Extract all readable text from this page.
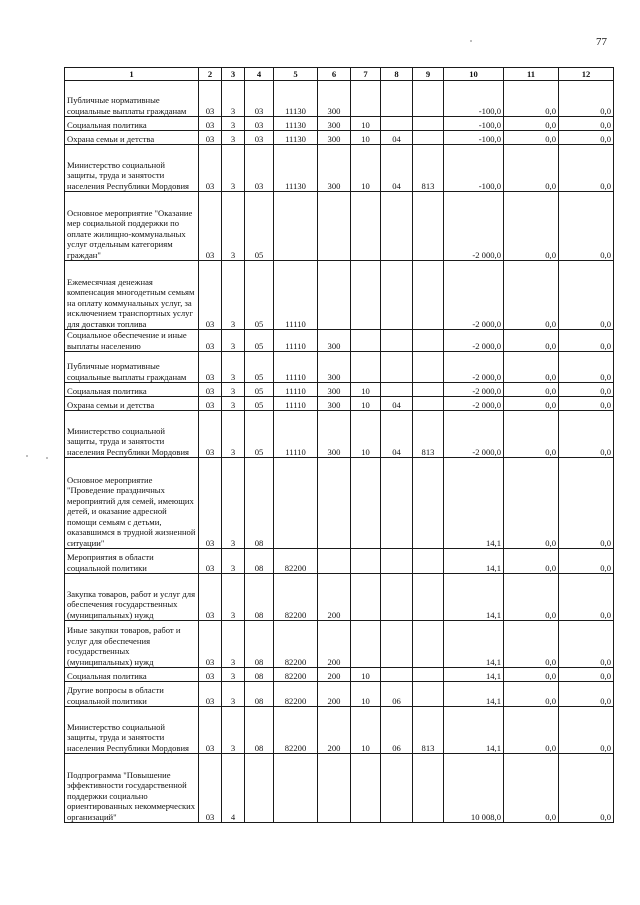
77
1	2	3	4	5	6	7	8	9	10	11	12
Публичные нормативные социальные выплаты гражданам	03	3	03	11130	300				-100,0	0,0	0,0
Социальная политика	03	3	03	11130	300	10			-100,0	0,0	0,0
Охрана семьи и детства	03	3	03	11130	300	10	04		-100,0	0,0	0,0
Министерство социальной защиты, труда и занятости населения Республики Мордовия	03	3	03	11130	300	10	04	813	-100,0	0,0	0,0
Основное мероприятие "Оказание мер социальной поддержки по оплате жилищно-коммунальных услуг отдельным категориям граждан"	03	3	05						-2 000,0	0,0	0,0
Ежемесячная денежная компенсация многодетным семьям на оплату коммунальных услуг, за исключением транспортных услуг для доставки топлива	03	3	05	11110					-2 000,0	0,0	0,0
Социальное обеспечение и иные выплаты населению	03	3	05	11110	300				-2 000,0	0,0	0,0
Публичные нормативные социальные выплаты гражданам	03	3	05	11110	300				-2 000,0	0,0	0,0
Социальная политика	03	3	05	11110	300	10			-2 000,0	0,0	0,0
Охрана семьи и детства	03	3	05	11110	300	10	04		-2 000,0	0,0	0,0
Министерство социальной защиты, труда и занятости населения Республики Мордовия	03	3	05	11110	300	10	04	813	-2 000,0	0,0	0,0
Основное мероприятие "Проведение праздничных мероприятий для семей, имеющих детей, и оказание адресной помощи семьям с детьми, оказавшимся в трудной жизненной ситуации"	03	3	08						14,1	0,0	0,0
Мероприятия в области социальной политики	03	3	08	82200					14,1	0,0	0,0
Закупка товаров, работ и услуг для обеспечения государственных (муниципальных) нужд	03	3	08	82200	200				14,1	0,0	0,0
Иные закупки товаров, работ и услуг для обеспечения государственных (муниципальных) нужд	03	3	08	82200	200				14,1	0,0	0,0
Социальная политика	03	3	08	82200	200	10			14,1	0,0	0,0
Другие вопросы в области социальной политики	03	3	08	82200	200	10	06		14,1	0,0	0,0
Министерство социальной защиты, труда и занятости населения Республики Мордовия	03	3	08	82200	200	10	06	813	14,1	0,0	0,0
Подпрограмма "Повышение эффективности государственной поддержки социально ориентированных некоммерческих организаций"	03	4							10 008,0	0,0	0,0
